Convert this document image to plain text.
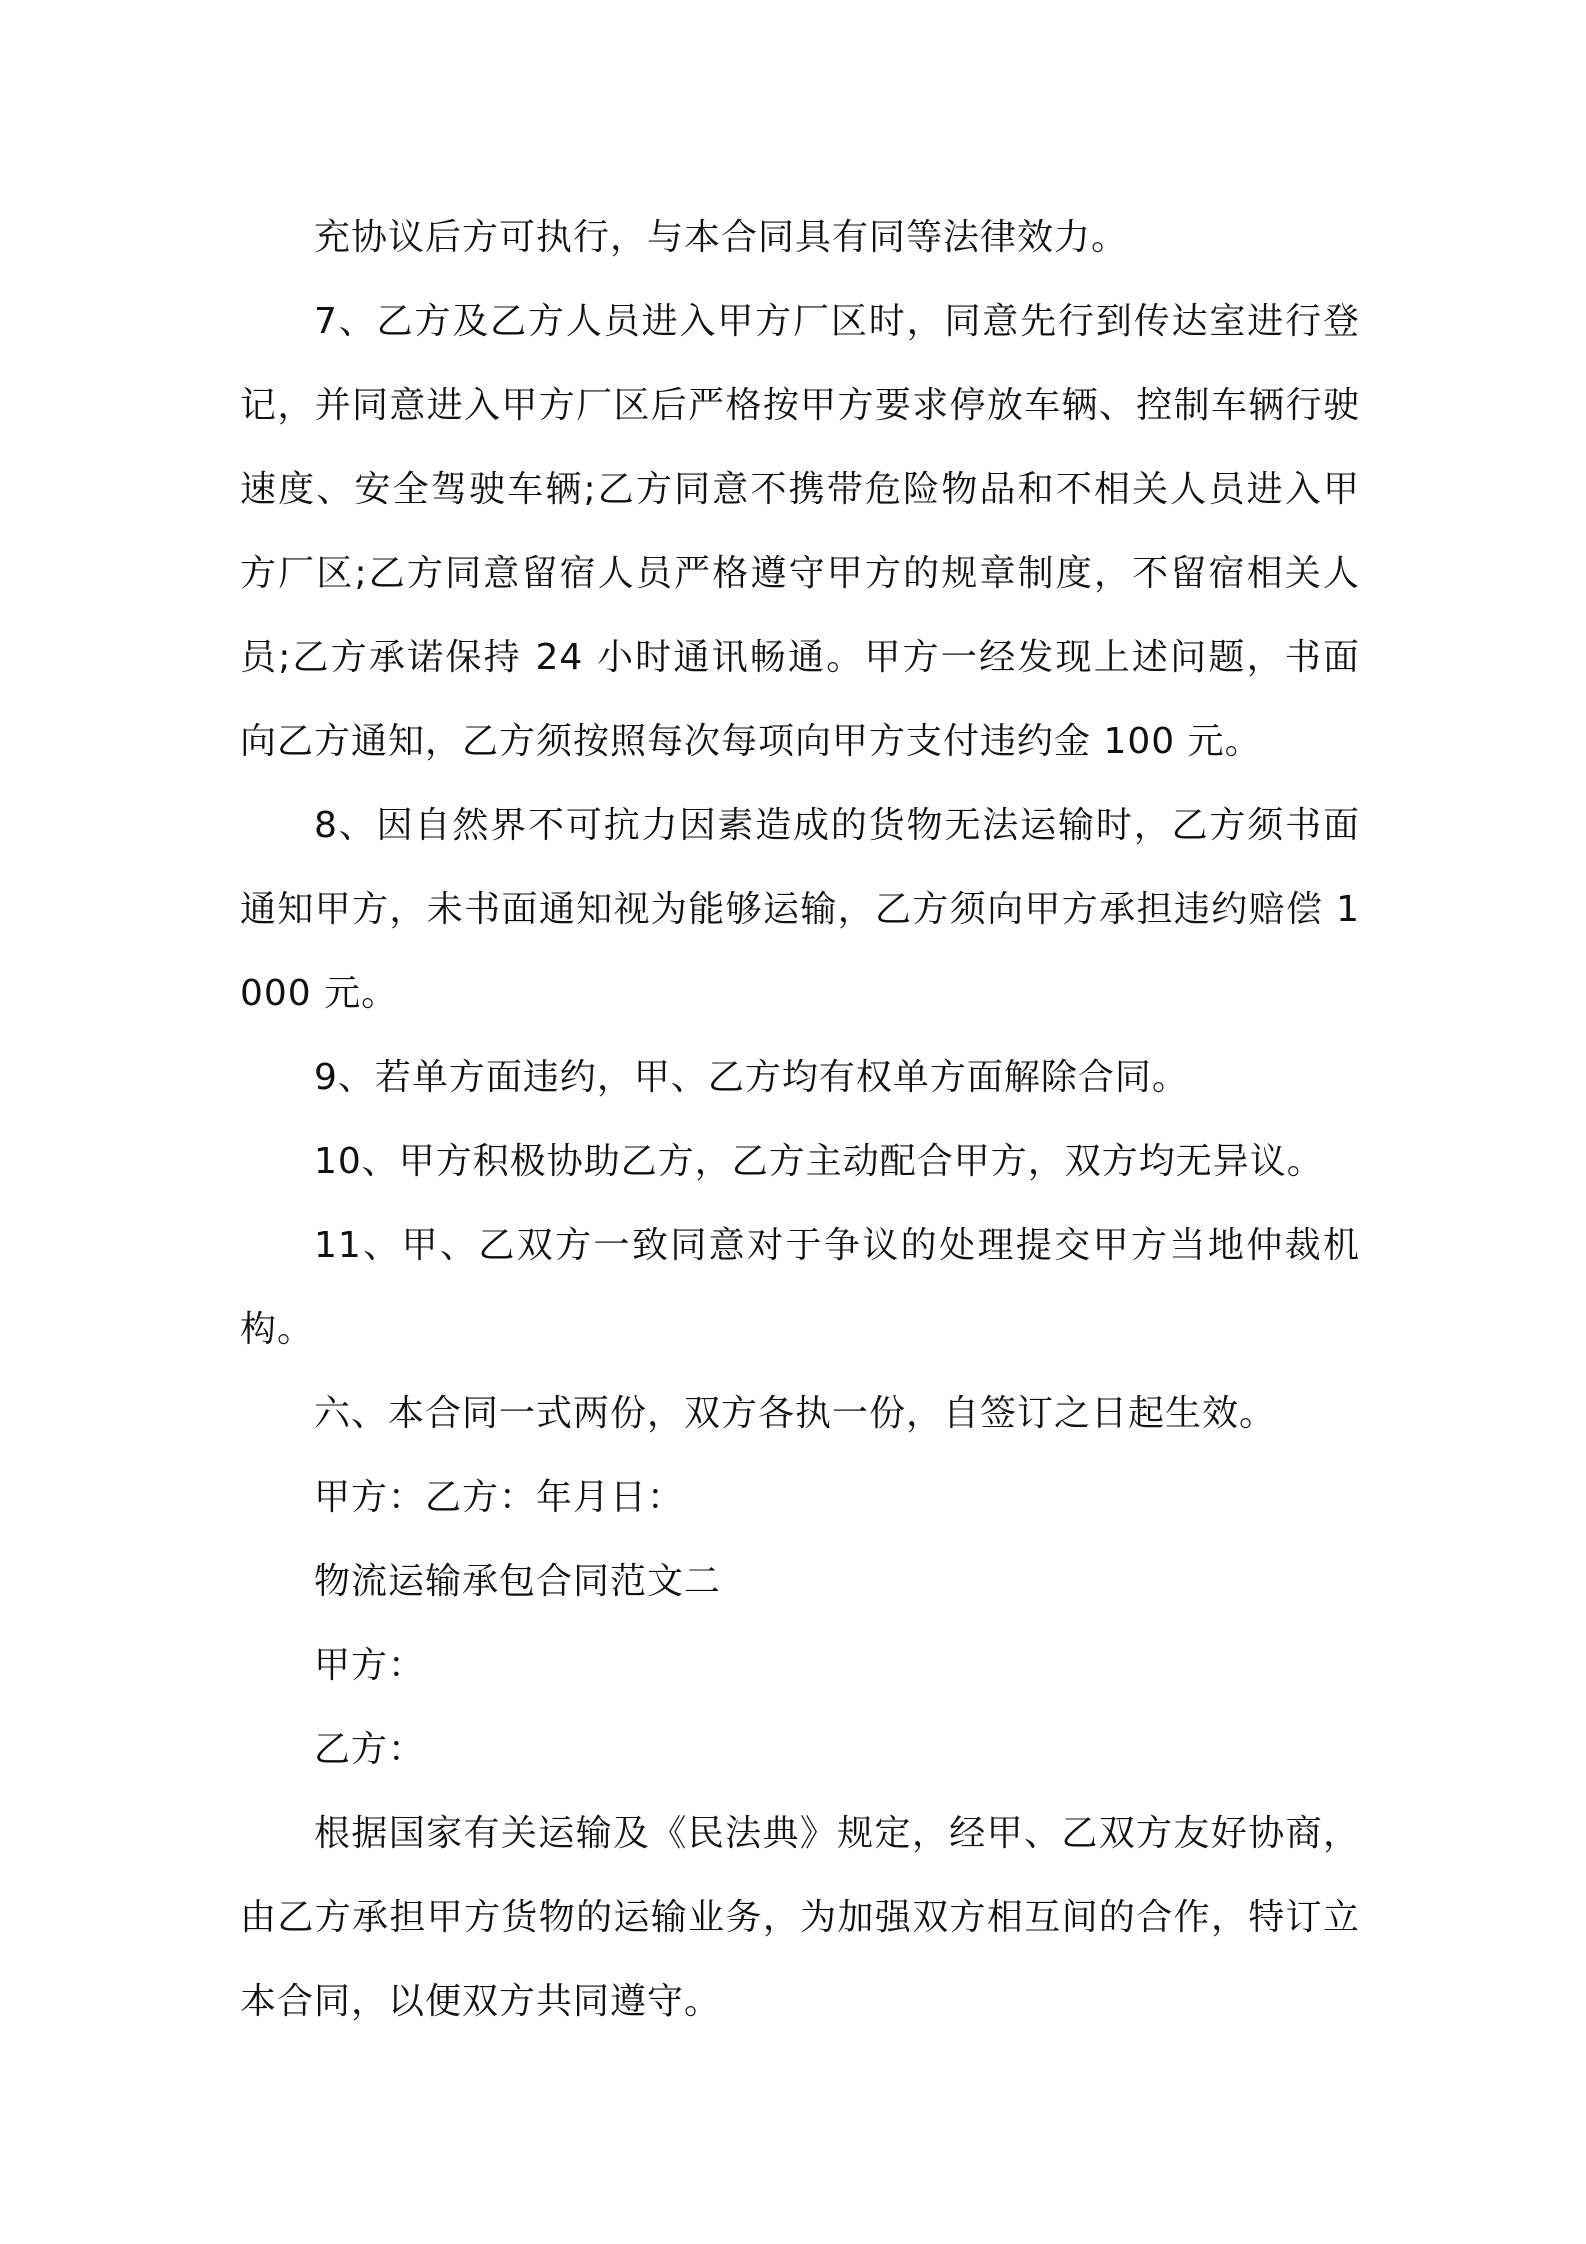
充协议后方可执行，与本合同具有同等法律效力。

7、乙方及乙方人员进入甲方厂区时，同意先行到传达室进行登记，并同意进入甲方厂区后严格按甲方要求停放车辆、控制车辆行驶速度、安全驾驶车辆;乙方同意不携带危险物品和不相关人员进入甲方厂区;乙方同意留宿人员严格遵守甲方的规章制度，不留宿相关人员;乙方承诺保持 24 小时通讯畅通。甲方一经发现上述问题，书面向乙方通知，乙方须按照每次每项向甲方支付违约金 100 元。

8、因自然界不可抗力因素造成的货物无法运输时，乙方须书面通知甲方，未书面通知视为能够运输，乙方须向甲方承担违约赔偿 1000 元。

9、若单方面违约，甲、乙方均有权单方面解除合同。

10、甲方积极协助乙方，乙方主动配合甲方，双方均无异议。

11、甲、乙双方一致同意对于争议的处理提交甲方当地仲裁机构。

六、本合同一式两份，双方各执一份，自签订之日起生效。

甲方：乙方：年月日：

物流运输承包合同范文二

甲方：

乙方：

根据国家有关运输及《民法典》规定，经甲、乙双方友好协商，由乙方承担甲方货物的运输业务，为加强双方相互间的合作，特订立本合同，以便双方共同遵守。
